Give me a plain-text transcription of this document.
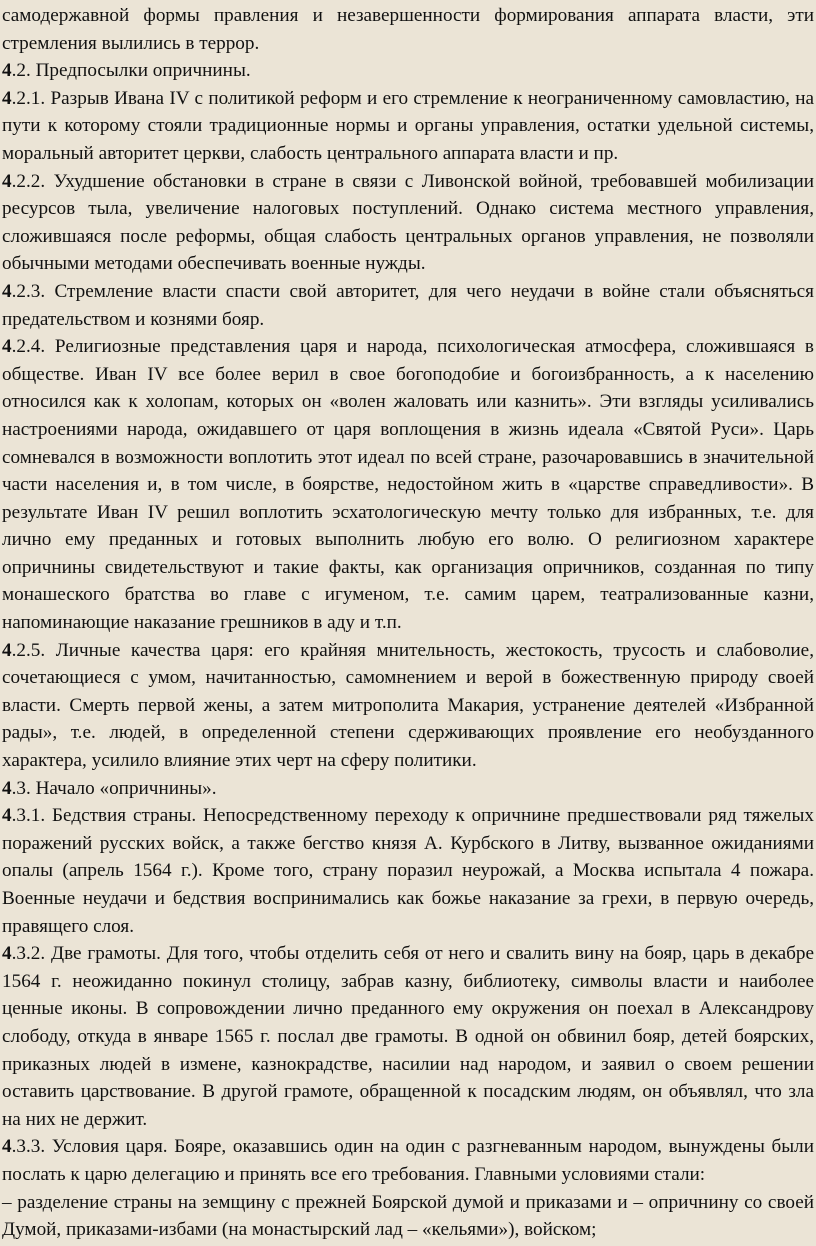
самодержавной формы правления и незавершенности формирования аппарата власти, эти стремления вылились в террор.

4.2. Предпосылки опричнины.

4.2.1. Разрыв Ивана IV с политикой реформ и его стремление к неограниченному самовластию, на пути к которому стояли традиционные нормы и органы управления, остатки удельной системы, моральный авторитет церкви, слабость центрального аппарата власти и пр.

4.2.2. Ухудшение обстановки в стране в связи с Ливонской войной, требовавшей мобилизации ресурсов тыла, увеличение налоговых поступлений. Однако система местного управления, сложившаяся после реформы, общая слабость центральных органов управления, не позволяли обычными методами обеспечивать военные нужды.

4.2.3. Стремление власти спасти свой авторитет, для чего неудачи в войне стали объясняться предательством и кознями бояр.

4.2.4. Религиозные представления царя и народа, психологическая атмосфера, сложившаяся в обществе. Иван IV все более верил в свое богоподобие и богоизбранность, а к населению относился как к холопам, которых он «волен жаловать или казнить». Эти взгляды усиливались настроениями народа, ожидавшего от царя воплощения в жизнь идеала «Святой Руси». Царь сомневался в возможности воплотить этот идеал по всей стране, разочаровавшись в значительной части населения и, в том числе, в боярстве, недостойном жить в «царстве справедливости». В результате Иван IV решил воплотить эсхатологическую мечту только для избранных, т.е. для лично ему преданных и готовых выполнить любую его волю. О религиозном характере опричнины свидетельствуют и такие факты, как организация опричников, созданная по типу монашеского братства во главе с игуменом, т.е. самим царем, театрализованные казни, напоминающие наказание грешников в аду и т.п.

4.2.5. Личные качества царя: его крайняя мнительность, жестокость, трусость и слабоволие, сочетающиеся с умом, начитанностью, самомнением и верой в божественную природу своей власти. Смерть первой жены, а затем митрополита Макария, устранение деятелей «Избранной рады», т.е. людей, в определенной степени сдерживающих проявление его необузданного характера, усилило влияние этих черт на сферу политики.

4.3. Начало «опричнины».

4.3.1. Бедствия страны. Непосредственному переходу к опричнине предшествовали ряд тяжелых поражений русских войск, а также бегство князя А. Курбского в Литву, вызванное ожиданиями опалы (апрель 1564 г.). Кроме того, страну поразил неурожай, а Москва испытала 4 пожара. Военные неудачи и бедствия воспринимались как божье наказание за грехи, в первую очередь, правящего слоя.

4.3.2. Две грамоты. Для того, чтобы отделить себя от него и свалить вину на бояр, царь в декабре 1564 г. неожиданно покинул столицу, забрав казну, библиотеку, символы власти и наиболее ценные иконы. В сопровождении лично преданного ему окружения он поехал в Александрову слободу, откуда в январе 1565 г. послал две грамоты. В одной он обвинил бояр, детей боярских, приказных людей в измене, казнокрадстве, насилии над народом, и заявил о своем решении оставить царствование. В другой грамоте, обращенной к посадским людям, он объявлял, что зла на них не держит.

4.3.3. Условия царя. Бояре, оказавшись один на один с разгневанным народом, вынуждены были послать к царю делегацию и принять все его требования. Главными условиями стали:

– разделение страны на земщину с прежней Боярской думой и приказами и – опричнину со своей Думой, приказами-избами (на монастырский лад – «кельями»), войском;
